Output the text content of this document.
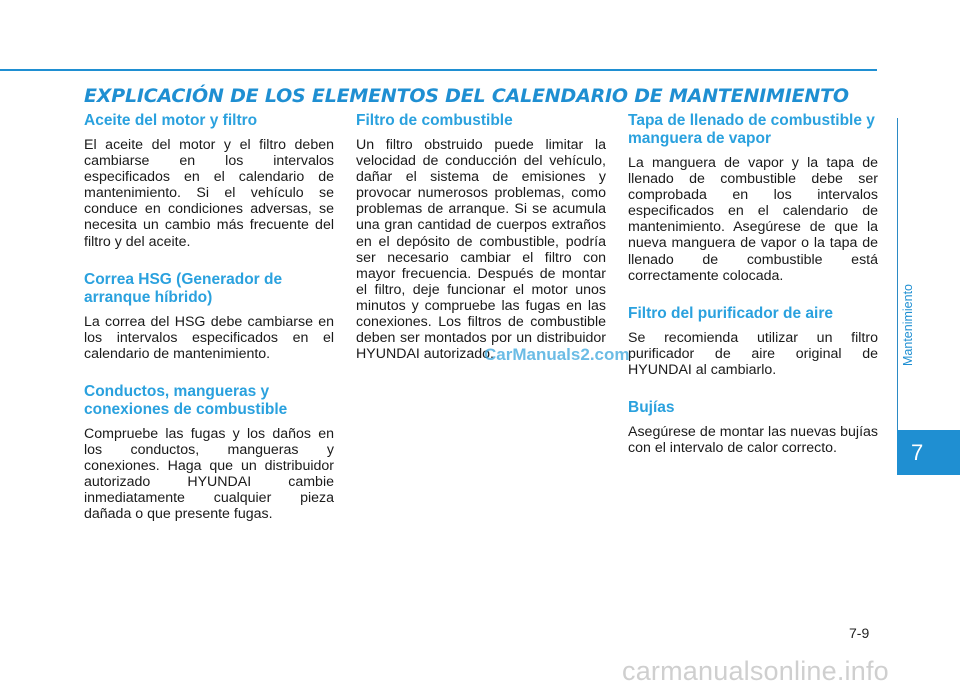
EXPLICACIÓN DE LOS ELEMENTOS DEL CALENDARIO DE MANTENIMIENTO
Aceite del motor y filtro

El aceite del motor y el filtro deben cambiarse en los intervalos especificados en el calendario de mantenimiento. Si el vehículo se conduce en condiciones adversas, se necesita un cambio más frecuente del filtro y del aceite.

Correa HSG (Generador de arranque híbrido)

La correa del HSG debe cambiarse en los intervalos especificados en el calendario de mantenimiento.

Conductos, mangueras y conexiones de combustible

Compruebe las fugas y los daños en los conductos, mangueras y conexiones. Haga que un distribuidor autorizado HYUNDAI cambie inmediatamente cualquier pieza dañada o que presente fugas.

Filtro de combustible

Un filtro obstruido puede limitar la velocidad de conducción del vehículo, dañar el sistema de emisiones y provocar numerosos problemas, como problemas de arranque. Si se acumula una gran cantidad de cuerpos extraños en el depósito de combustible, podría ser necesario cambiar el filtro con mayor frecuencia. Después de montar el filtro, deje funcionar el motor unos minutos y compruebe las fugas en las conexiones. Los filtros de combustible deben ser montados por un distribuidor HYUNDAI autorizado.

Tapa de llenado de combustible y manguera de vapor

La manguera de vapor y la tapa de llenado de combustible debe ser comprobada en los intervalos especificados en el calendario de mantenimiento. Asegúrese de que la nueva manguera de vapor o la tapa de llenado de combustible está correctamente colocada.

Filtro del purificador de aire

Se recomienda utilizar un filtro purificador de aire original de HYUNDAI al cambiarlo.

Bujías

Asegúrese de montar las nuevas bujías con el intervalo de calor correcto.

CarManuals2.com	Mantenimiento
7
7-9
carmanualsonline.info
